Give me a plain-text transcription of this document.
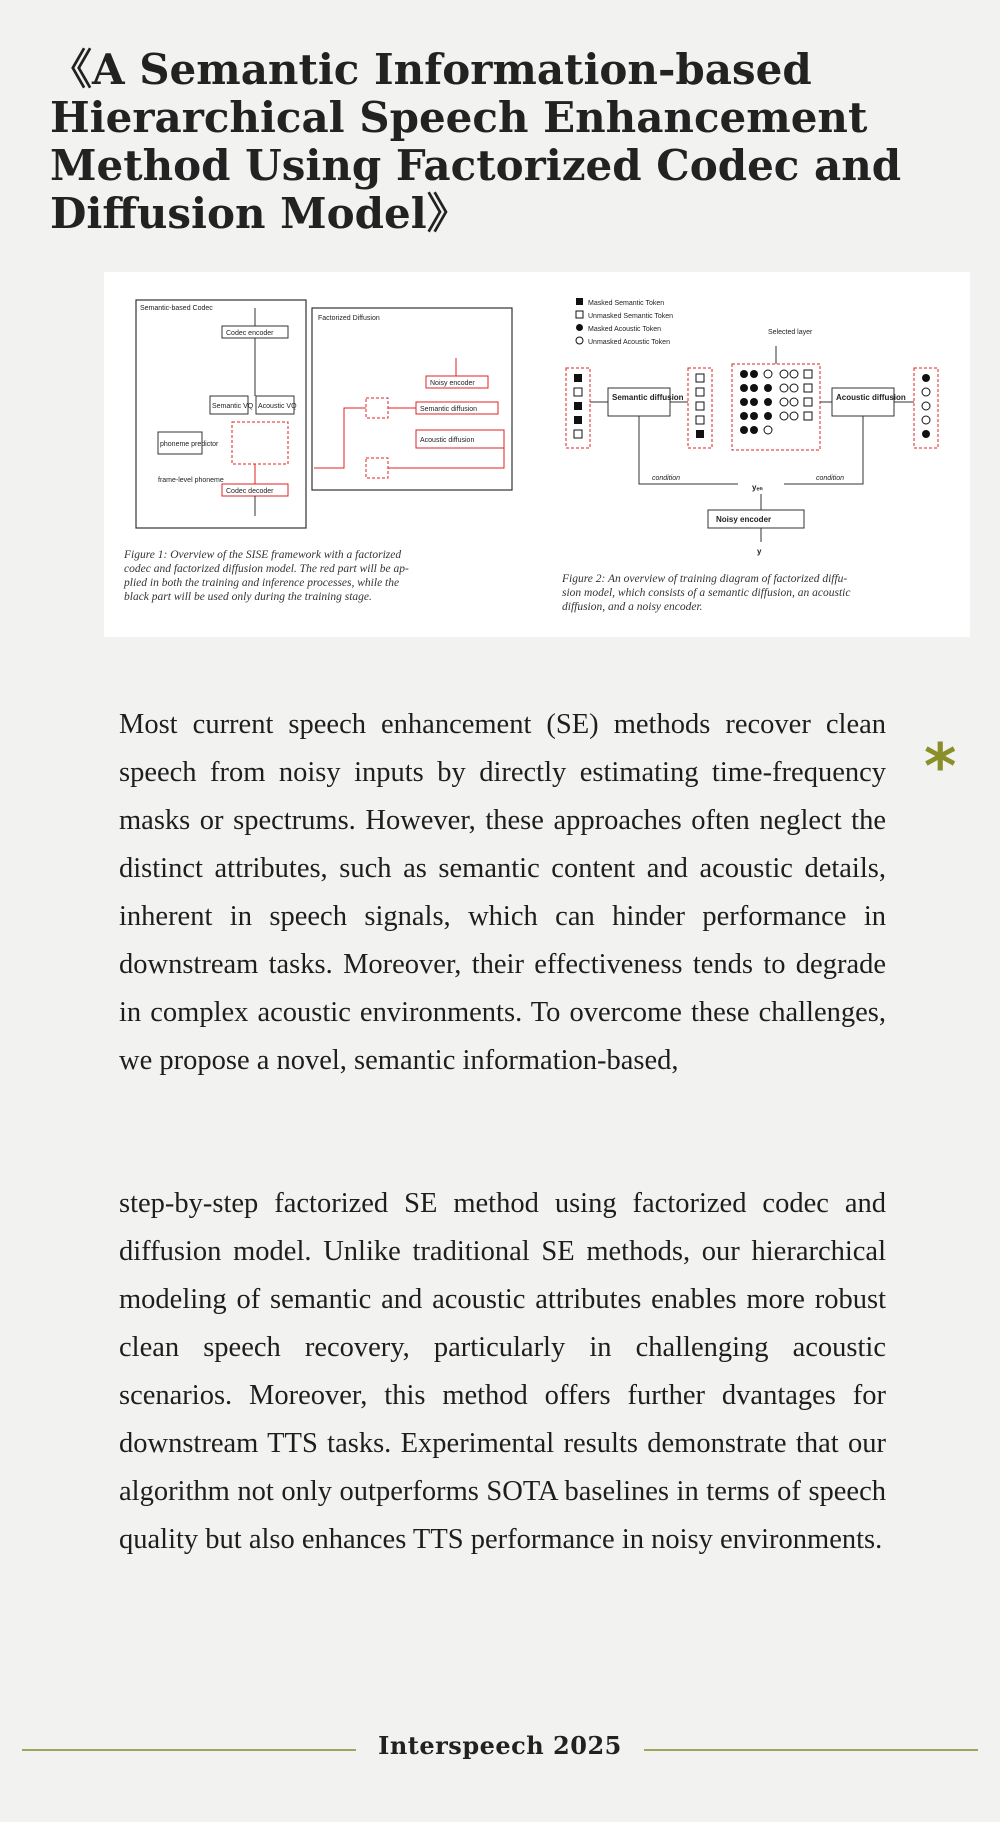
《A Semantic Information-based Hierarchical Speech Enhancement Method Using Factorized Codec and Diffusion Model》
Semantic-based Codec
Codec encoder
Semantic VQ Acoustic VQ
phoneme predictor
frame-level phoneme
Codec decoder
Factorized Diffusion
Noisy encoder
Semantic diffusion
Acoustic diffusion
Figure 1: Overview of the SISE framework with a factorized
codec and factorized diffusion model. The red part will be ap-
plied in both the training and inference processes, while the
black part will be used only during the training stage.
Masked Semantic Token
Unmasked Semantic Token
Masked Acoustic Token
Unmasked Acoustic Token
Selected layer
Semantic diffusion	Acoustic diffusion
condition	condition
yₑₙ
Noisy encoder
y
Figure 2: An overview of training diagram of factorized diffu-
sion model, which consists of a semantic diffusion, an acoustic
diffusion, and a noisy encoder.
*
Most current speech enhancement (SE) methods recover clean speech from noisy inputs by directly estimating time-frequency masks or spectrums. However, these approaches often neglect the distinct attributes, such as semantic content and acoustic details, inherent in speech signals, which can hinder performance in downstream tasks. Moreover, their effectiveness tends to degrade in complex acoustic environments. To overcome these challenges, we propose a novel, semantic information-based,
step-by-step factorized SE method using factorized codec and diffusion model. Unlike traditional SE methods, our hierarchical modeling of semantic and acoustic attributes enables more robust clean speech recovery, particularly in challenging acoustic scenarios. Moreover, this method offers further dvantages for downstream TTS tasks. Experimental results demonstrate that our algorithm not only outperforms SOTA baselines in terms of speech quality but also enhances TTS performance in noisy environments.
Interspeech 2025
